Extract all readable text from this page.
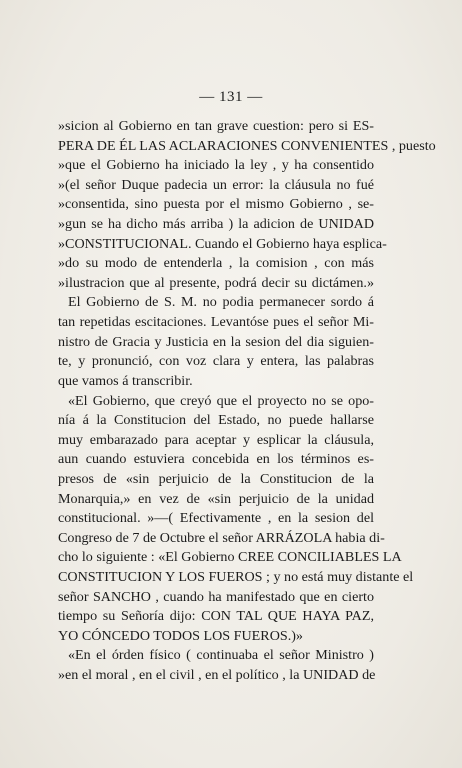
— 131 —
»sicion al Gobierno en tan grave cuestion: pero si ES-
PERA DE ÉL LAS ACLARACIONES CONVENIENTES , puesto
»que el Gobierno ha iniciado la ley , y ha consentido
»(el señor Duque padecia un error: la cláusula no fué
»consentida, sino puesta por el mismo Gobierno , se-
»gun se ha dicho más arriba ) la adicion de UNIDAD
»CONSTITUCIONAL. Cuando el Gobierno haya esplica-
»do su modo de entenderla , la comision , con más
»ilustracion que al presente, podrá decir su dictámen.»
El Gobierno de S. M. no podia permanecer sordo á
tan repetidas escitaciones. Levantóse pues el señor Mi-
nistro de Gracia y Justicia en la sesion del dia siguien-
te, y pronunció, con voz clara y entera, las palabras
que vamos á transcribir.
«El Gobierno, que creyó que el proyecto no se opo-
nía á la Constitucion del Estado, no puede hallarse
muy embarazado para aceptar y esplicar la cláusula,
aun cuando estuviera concebida en los términos es-
presos de «sin perjuicio de la Constitucion de la
Monarquia,» en vez de «sin perjuicio de la unidad
constitucional. »—( Efectivamente , en la sesion del
Congreso de 7 de Octubre el señor ARRÁZOLA habia di-
cho lo siguiente : «El Gobierno CREE CONCILIABLES LA
CONSTITUCION Y LOS FUEROS ; y no está muy distante el
señor SANCHO , cuando ha manifestado que en cierto
tiempo su Señoría dijo: CON TAL QUE HAYA PAZ,
YO CÓNCEDO TODOS LOS FUEROS.)»
«En el órden físico ( continuaba el señor Ministro )
»en el moral , en el civil , en el político , la UNIDAD de
